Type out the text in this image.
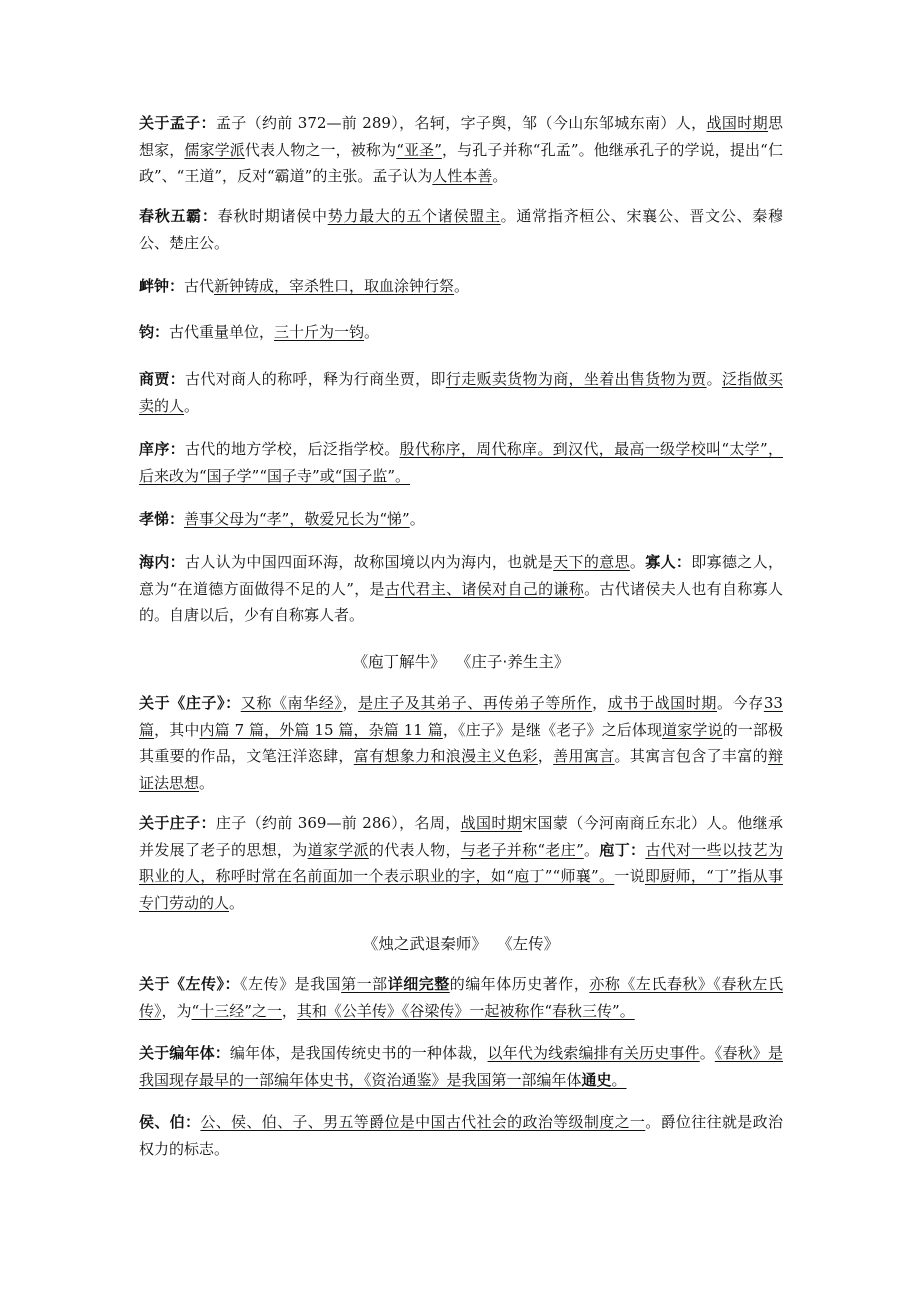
关于孟子：孟子（约前 372—前 289），名轲，字子舆，邹（今山东邹城东南）人，战国时期思想家，儒家学派代表人物之一，被称为“亚圣”，与孔子并称“孔孟”。他继承孔子的学说，提出“仁政”、“王道”，反对“霸道”的主张。孟子认为人性本善。

春秋五霸：春秋时期诸侯中势力最大的五个诸侯盟主。通常指齐桓公、宋襄公、晋文公、秦穆公、楚庄公。

衅钟：古代新钟铸成，宰杀牲口，取血涂钟行祭。

钧：古代重量单位，三十斤为一钧。

商贾：古代对商人的称呼，释为行商坐贾，即行走贩卖货物为商，坐着出售货物为贾。泛指做买卖的人。

庠序：古代的地方学校，后泛指学校。殷代称序，周代称庠。到汉代，最高一级学校叫“太学”，后来改为“国子学”“国子寺”或“国子监”。

孝悌：善事父母为“孝”，敬爱兄长为“悌”。

海内：古人认为中国四面环海，故称国境以内为海内，也就是天下的意思。寡人：即寡德之人，意为“在道德方面做得不足的人”，是古代君主、诸侯对自己的谦称。古代诸侯夫人也有自称寡人的。自唐以后，少有自称寡人者。

《庖丁解牛》 《庄子·养生主》

关于《庄子》：又称《南华经》，是庄子及其弟子、再传弟子等所作，成书于战国时期。今存33 篇，其中内篇 7 篇，外篇 15 篇，杂篇 11 篇，《庄子》是继《老子》之后体现道家学说的一部极其重要的作品，文笔汪洋恣肆，富有想象力和浪漫主义色彩，善用寓言。其寓言包含了丰富的辩证法思想。

关于庄子：庄子（约前 369—前 286），名周，战国时期宋国蒙（今河南商丘东北）人。他继承并发展了老子的思想，为道家学派的代表人物，与老子并称“老庄”。庖丁：古代对一些以技艺为职业的人，称呼时常在名前面加一个表示职业的字，如“庖丁”“师襄”。一说即厨师，“丁”指从事专门劳动的人。

《烛之武退秦师》 《左传》

关于《左传》：《左传》是我国第一部详细完整的编年体历史著作，亦称《左氏春秋》《春秋左氏传》，为“十三经”之一，其和《公羊传》《谷梁传》一起被称作“春秋三传”。

关于编年体：编年体，是我国传统史书的一种体裁，以年代为线索编排有关历史事件。《春秋》是我国现存最早的一部编年体史书，《资治通鉴》是我国第一部编年体通史。

侯、伯：公、侯、伯、子、男五等爵位是中国古代社会的政治等级制度之一。爵位往往就是政治权力的标志。
